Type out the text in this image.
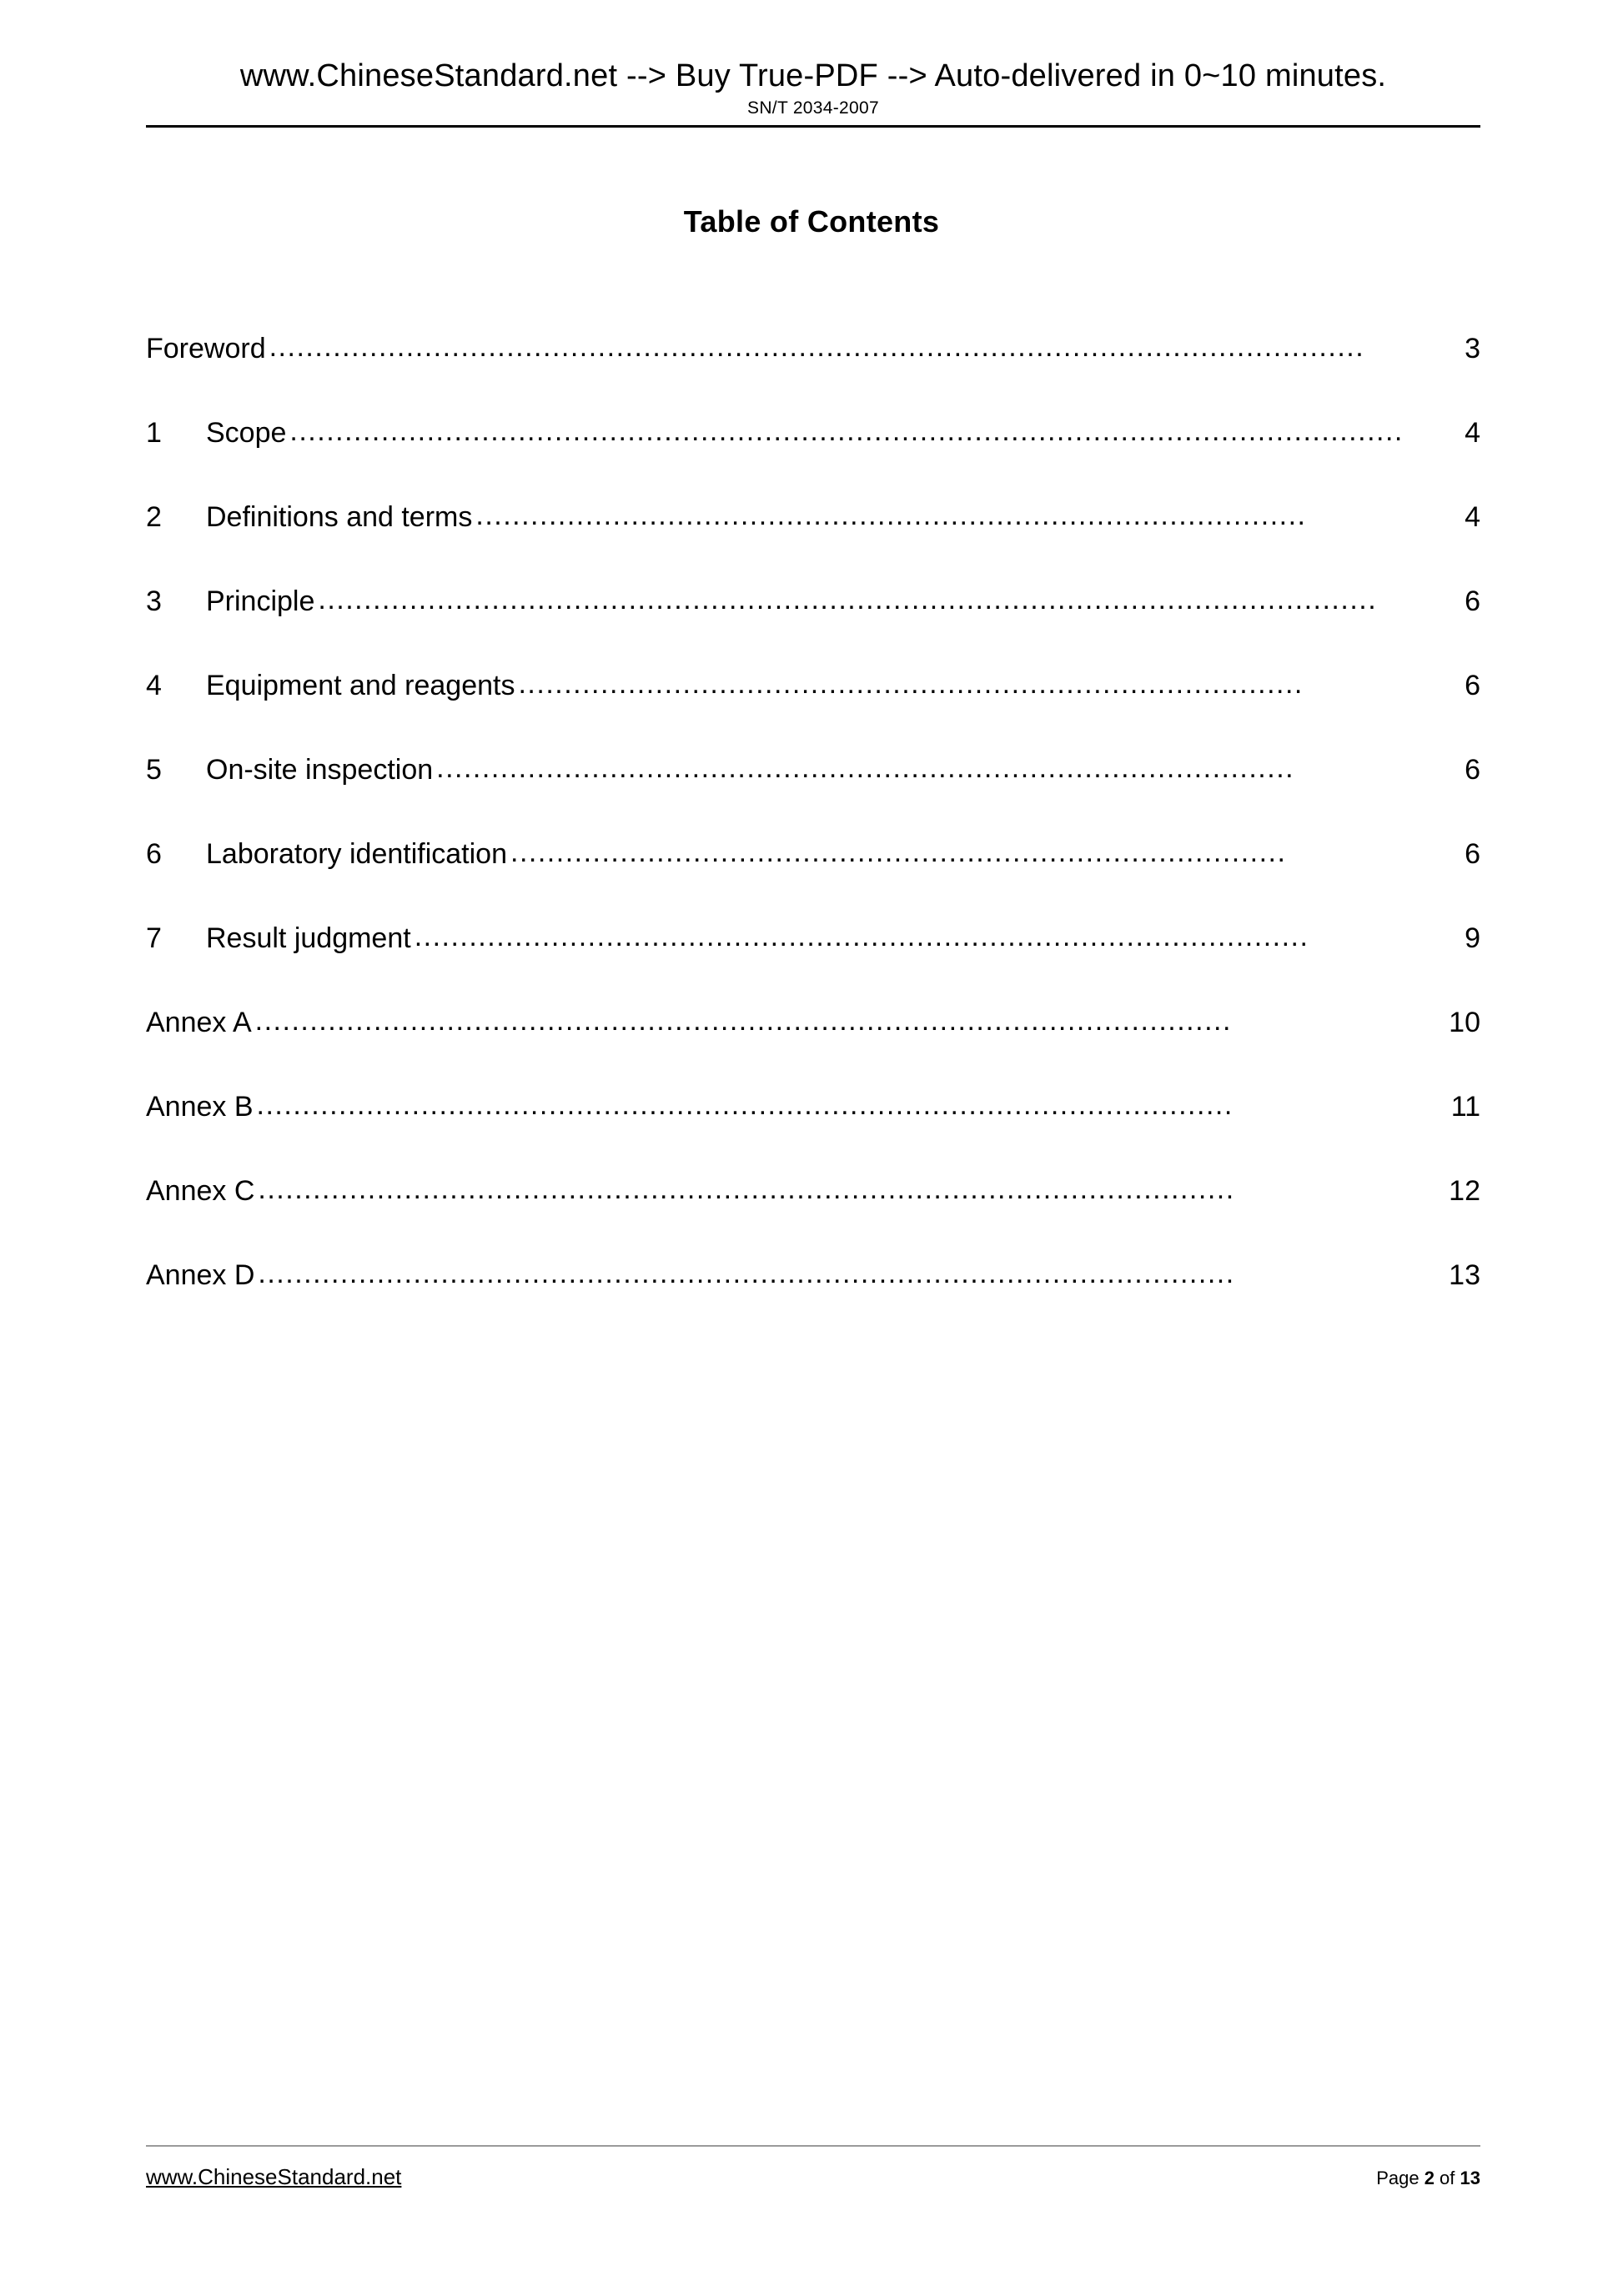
www.ChineseStandard.net --> Buy True-PDF --> Auto-delivered in 0~10 minutes.
SN/T 2034-2007
Table of Contents
Foreword ........................................................................................................................	3
1	Scope ..........................................................................................................................	4
2	Definitions and terms ...........................................................................................	4
3	Principle ....................................................................................................................	6
4	Equipment and reagents ......................................................................................	6
5	On-site inspection ..............................................................................................	6
6	Laboratory identification .....................................................................................	6
7	Result judgment ..................................................................................................	9
Annex A ...........................................................................................................	10
Annex B ...........................................................................................................	11
Annex C ...........................................................................................................	12
Annex D ...........................................................................................................	13
www.ChineseStandard.net	Page 2 of 13
